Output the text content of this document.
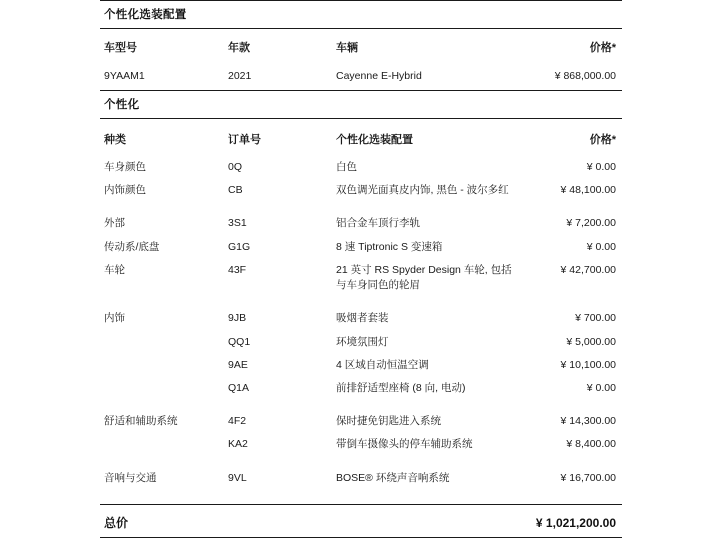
个性化选装配置
车型号	年款	车辆	价格*
9YAAM1	2021	Cayenne E-Hybrid	¥ 868,000.00
个性化
种类	订单号	个性化选装配置	价格*
车身颜色	0Q	白色	¥ 0.00
内饰颜色	CB	双色调光面真皮内饰, 黑色 - 波尔多红	¥ 48,100.00

外部	3S1	铝合金车顶行李轨	¥ 7,200.00
传动系/底盘	G1G	8 速 Tiptronic S 变速箱	¥ 0.00
车轮	43F	21 英寸 RS Spyder Design 车轮, 包括与车身同色的轮眉	¥ 42,700.00

内饰	9JB	吸烟者套装	¥ 700.00
	QQ1	环境氛围灯	¥ 5,000.00
	9AE	4 区域自动恒温空调	¥ 10,100.00
	Q1A	前排舒适型座椅 (8 向, 电动)	¥ 0.00

舒适和辅助系统	4F2	保时捷免钥匙进入系统	¥ 14,300.00
	KA2	带倒车摄像头的停车辅助系统	¥ 8,400.00

音响与交通	9VL	BOSE® 环绕声音响系统	¥ 16,700.00
总价	¥ 1,021,200.00
